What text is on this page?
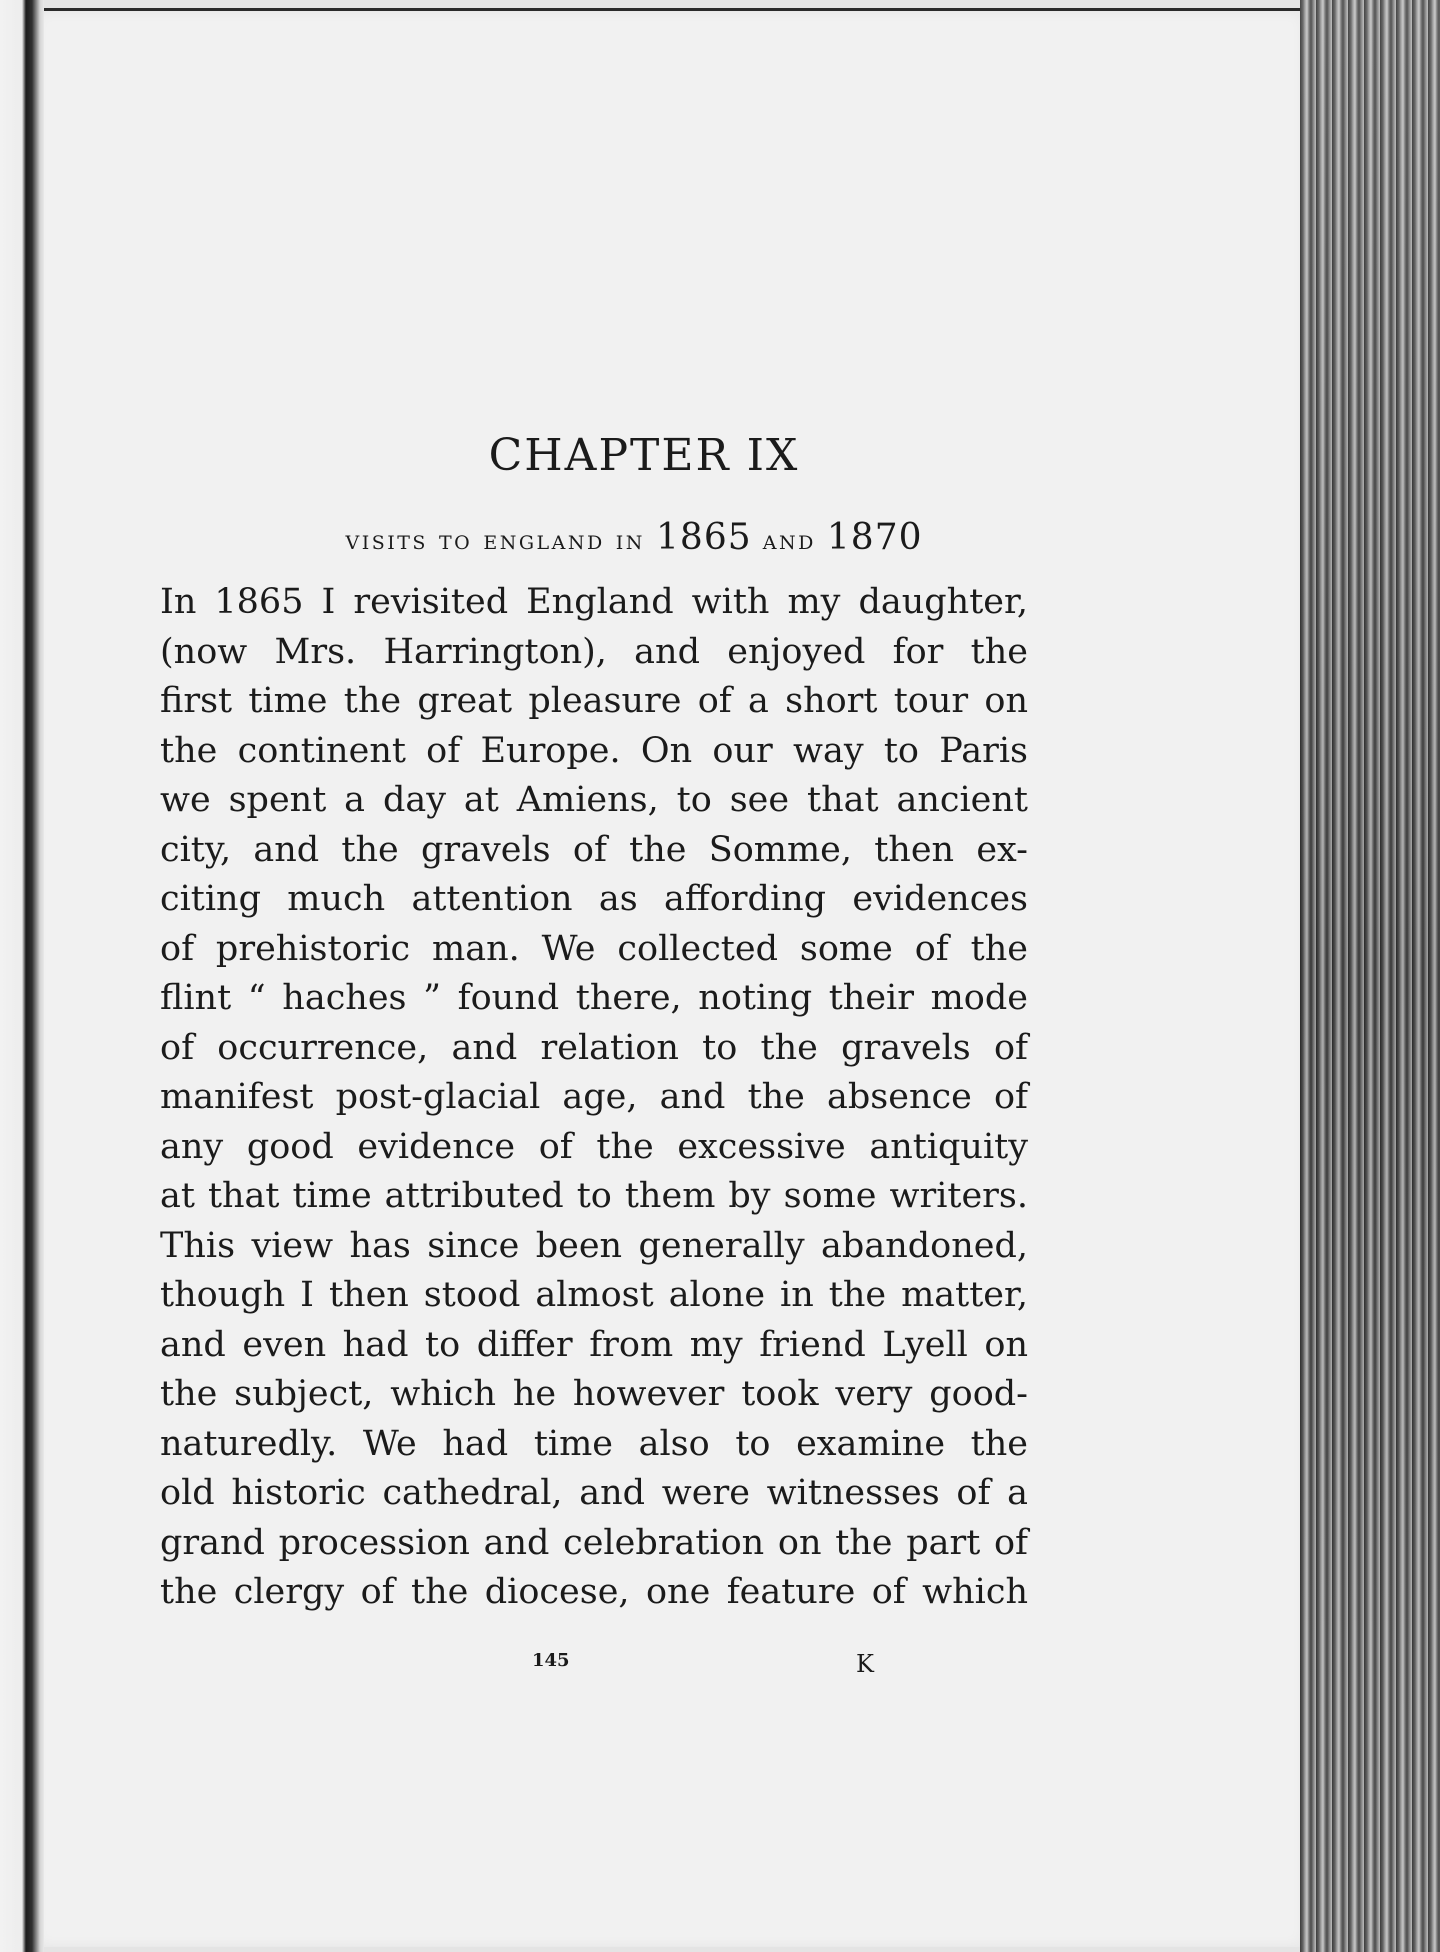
CHAPTER IX
visits to england in 1865 and 1870
In 1865 I revisited England with my daughter,
(now Mrs. Harrington), and enjoyed for the
first time the great pleasure of a short tour on
the continent of Europe. On our way to Paris
we spent a day at Amiens, to see that ancient
city, and the gravels of the Somme, then ex-
citing much attention as affording evidences
of prehistoric man. We collected some of the
flint “ haches ” found there, noting their mode
of occurrence, and relation to the gravels of
manifest post-glacial age, and the absence of
any good evidence of the excessive antiquity
at that time attributed to them by some writers.
This view has since been generally abandoned,
though I then stood almost alone in the matter,
and even had to differ from my friend Lyell on
the subject, which he however took very good-
naturedly. We had time also to examine the
old historic cathedral, and were witnesses of a
grand procession and celebration on the part of
the clergy of the diocese, one feature of which
145	K
